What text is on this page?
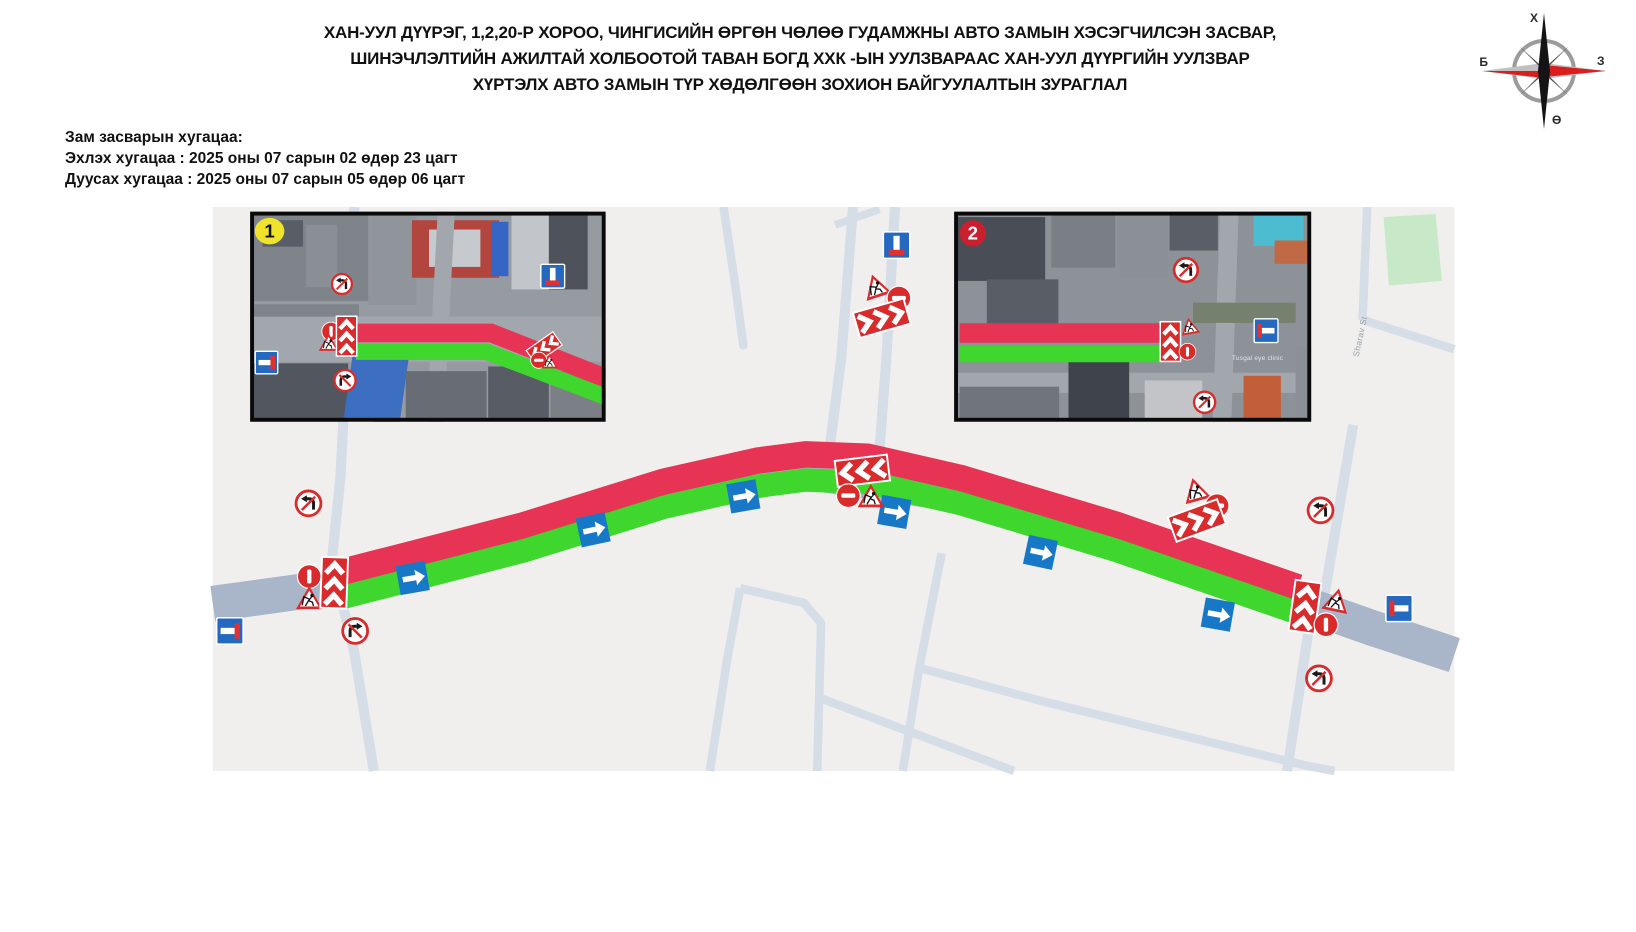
ХАН-УУЛ ДҮҮРЭГ, 1,2,20-Р ХОРОО, ЧИНГИСИЙН ӨРГӨН ЧӨЛӨӨ ГУДАМЖНЫ АВТО ЗАМЫН ХЭСЭГЧИЛСЭН ЗАСВАР,
ШИНЭЧЛЭЛТИЙН АЖИЛТАЙ ХОЛБООТОЙ ТАВАН БОГД ХХК -ЫН УУЛЗВАРААС ХАН-УУЛ ДҮҮРГИЙН УУЛЗВАР
ХҮРТЭЛХ АВТО ЗАМЫН ТҮР ХӨДӨЛГӨӨН ЗОХИОН БАЙГУУЛАЛТЫН ЗУРАГЛАЛ
Х
З
Б
Ө
Зам засварын хугацаа:
Эхлэх хугацаа : 2025 оны 07 сарын 02 өдөр 23 цагт
Дуусах хугацаа : 2025 оны 07 сарын 05 өдөр 06 цагт
1	2
Sharav St
Tusgal eye clinic
